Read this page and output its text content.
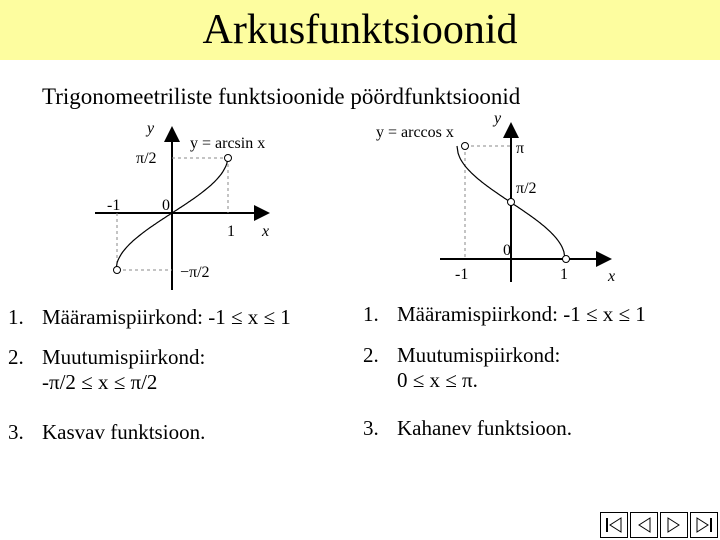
Arkusfunktsioonid
Trigonomeetriliste funktsioonide pöördfunktsioonid
y
y = arcsin x
π/2
-1	0
1 x
−π/2
y = arccos x
y
π
π/2
0
-1	1	x
1. Määramispiirkond: -1 ≤ x ≤ 1
2. Muutumispiirkond:
-π/2 ≤ x ≤ π/2
3. Kasvav funktsioon.
1. Määramispiirkond: -1 ≤ x ≤ 1
2. Muutumispiirkond:
0 ≤ x ≤ π.
3. Kahanev funktsioon.
